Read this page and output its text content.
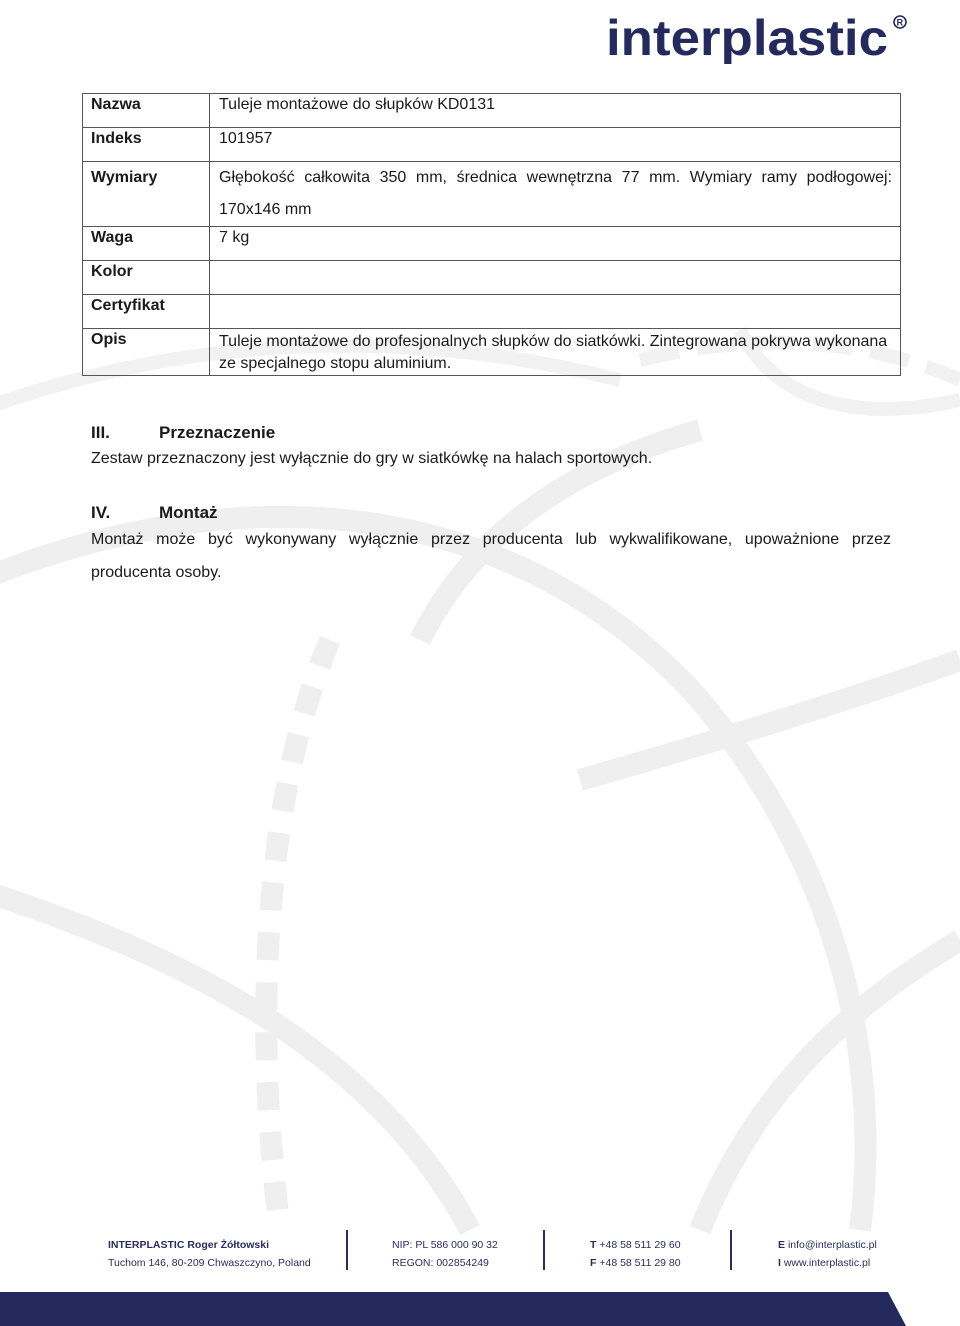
interplastic R
Nazwa	Tuleje montażowe do słupków KD0131
Indeks	101957
Wymiary	Głębokość całkowita 350 mm, średnica wewnętrzna 77 mm. Wymiary ramy podłogowej:
170x146 mm

Waga	7 kg
Kolor	
Certyfikat	
Opis	Tuleje montażowe do profesjonalnych słupków do siatkówki. Zintegrowana pokrywa wykonana ze specjalnego stopu aluminium.
III.	Przeznaczenie
Zestaw przeznaczony jest wyłącznie do gry w siatkówkę na halach sportowych.
IV.	Montaż
Montaż może być wykonywany wyłącznie przez producenta lub wykwalifikowane, upoważnione przez producenta osoby.
INTERPLASTIC Roger Żółtowski
Tuchom 146, 80-209 Chwaszczyno, Poland
NIP: PL 586 000 90 32
REGON: 002854249
T +48 58 511 29 60
F +48 58 511 29 80
E info@interplastic.pl
I www.interplastic.pl
